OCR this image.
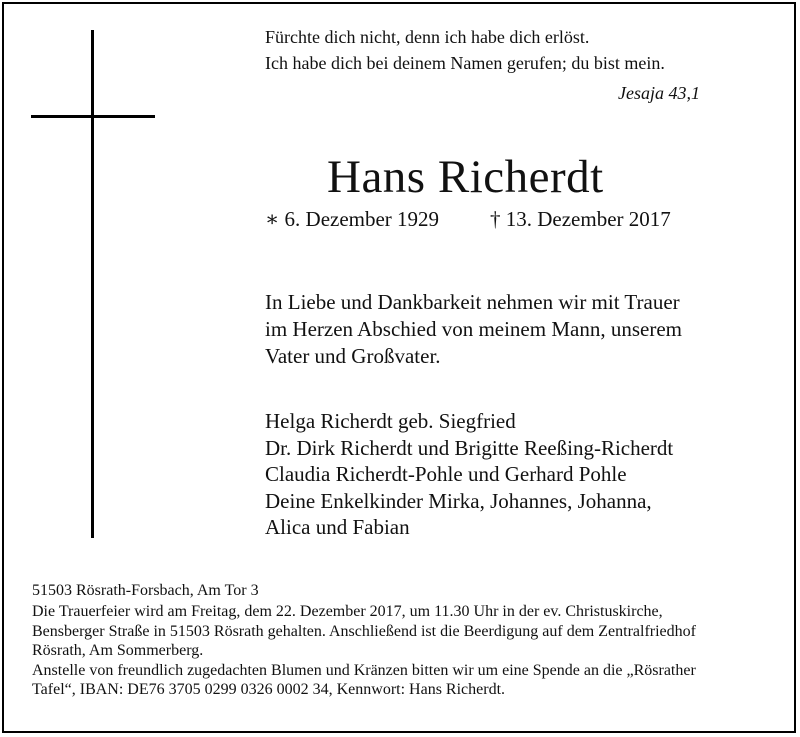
Fürchte dich nicht, denn ich habe dich erlöst.
Ich habe dich bei deinem Namen gerufen; du bist mein.
Jesaja 43,1
Hans Richerdt
∗ 6. Dezember 1929 † 13. Dezember 2017
In Liebe und Dankbarkeit nehmen wir mit Trauer
im Herzen Abschied von meinem Mann, unserem
Vater und Großvater.
Helga Richerdt geb. Siegfried
Dr. Dirk Richerdt und Brigitte Reeßing-Richerdt
Claudia Richerdt-Pohle und Gerhard Pohle
Deine Enkelkinder Mirka, Johannes, Johanna,
Alica und Fabian
51503 Rösrath-Forsbach, Am Tor 3

Die Trauerfeier wird am Freitag, dem 22. Dezember 2017, um 11.30 Uhr in der ev. Christuskirche,
Bensberger Straße in 51503 Rösrath gehalten. Anschließend ist die Beerdigung auf dem Zentralfriedhof
Rösrath, Am Sommerberg.

Anstelle von freundlich zugedachten Blumen und Kränzen bitten wir um eine Spende an die „Rösrather
Tafel“, IBAN: DE76 3705 0299 0326 0002 34, Kennwort: Hans Richerdt.
